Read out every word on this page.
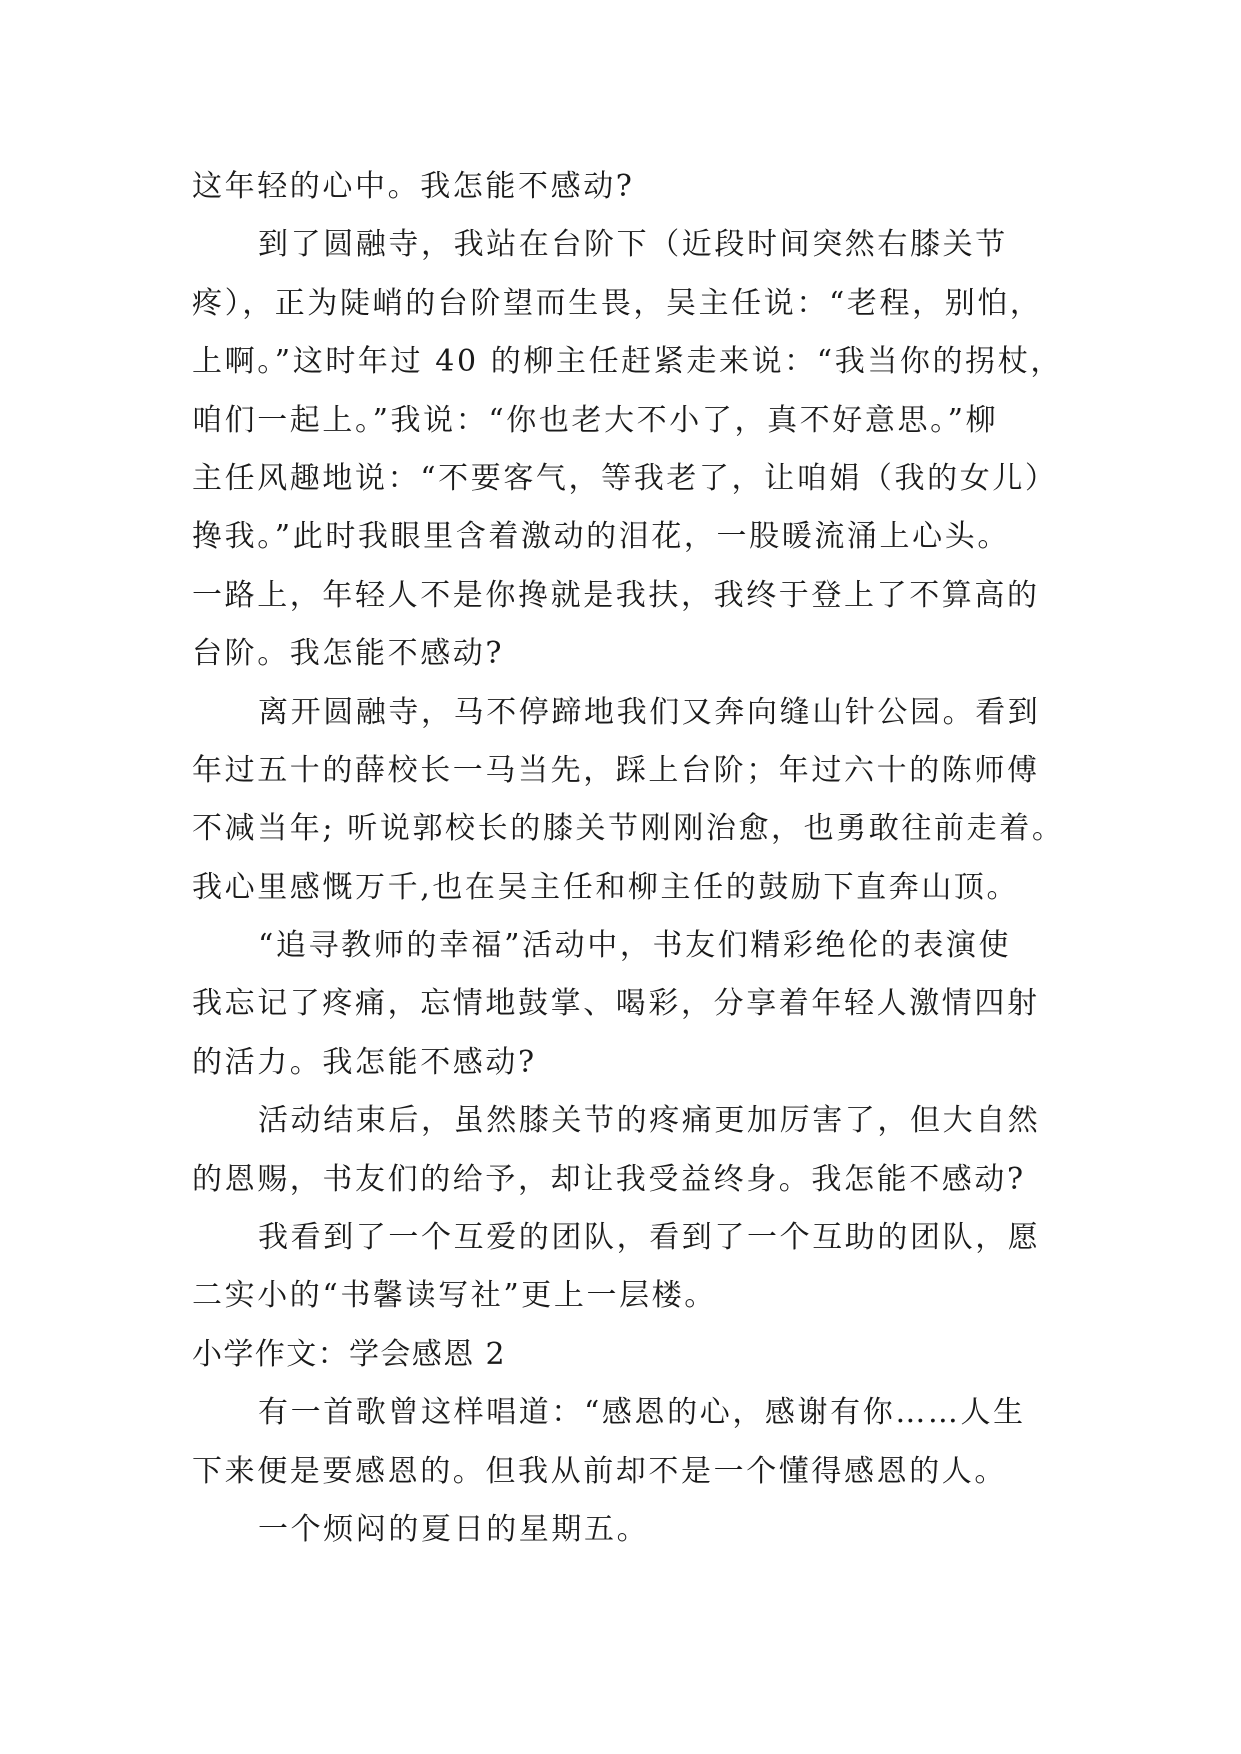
这年轻的心中。我怎能不感动?
到了圆融寺，我站在台阶下（近段时间突然右膝关节
疼），正为陡峭的台阶望而生畏，吴主任说：“老程，别怕，
上啊。”这时年过 40 的柳主任赶紧走来说：“我当你的拐杖，
咱们一起上。”我说：“你也老大不小了，真不好意思。”柳
主任风趣地说：“不要客气，等我老了，让咱娟（我的女儿）
搀我。”此时我眼里含着激动的泪花，一股暖流涌上心头。
一路上，年轻人不是你搀就是我扶，我终于登上了不算高的
台阶。我怎能不感动?
离开圆融寺，马不停蹄地我们又奔向缝山针公园。看到
年过五十的薛校长一马当先，踩上台阶；年过六十的陈师傅
不减当年; 听说郭校长的膝关节刚刚治愈，也勇敢往前走着。
我心里感慨万千,也在吴主任和柳主任的鼓励下直奔山顶。
“追寻教师的幸福”活动中，书友们精彩绝伦的表演使
我忘记了疼痛，忘情地鼓掌、喝彩，分享着年轻人激情四射
的活力。我怎能不感动?
活动结束后，虽然膝关节的疼痛更加厉害了，但大自然
的恩赐，书友们的给予，却让我受益终身。我怎能不感动?
我看到了一个互爱的团队，看到了一个互助的团队，愿
二实小的“书馨读写社”更上一层楼。
小学作文：学会感恩 2
有一首歌曾这样唱道：“感恩的心，感谢有你……人生
下来便是要感恩的。但我从前却不是一个懂得感恩的人。
一个烦闷的夏日的星期五。
